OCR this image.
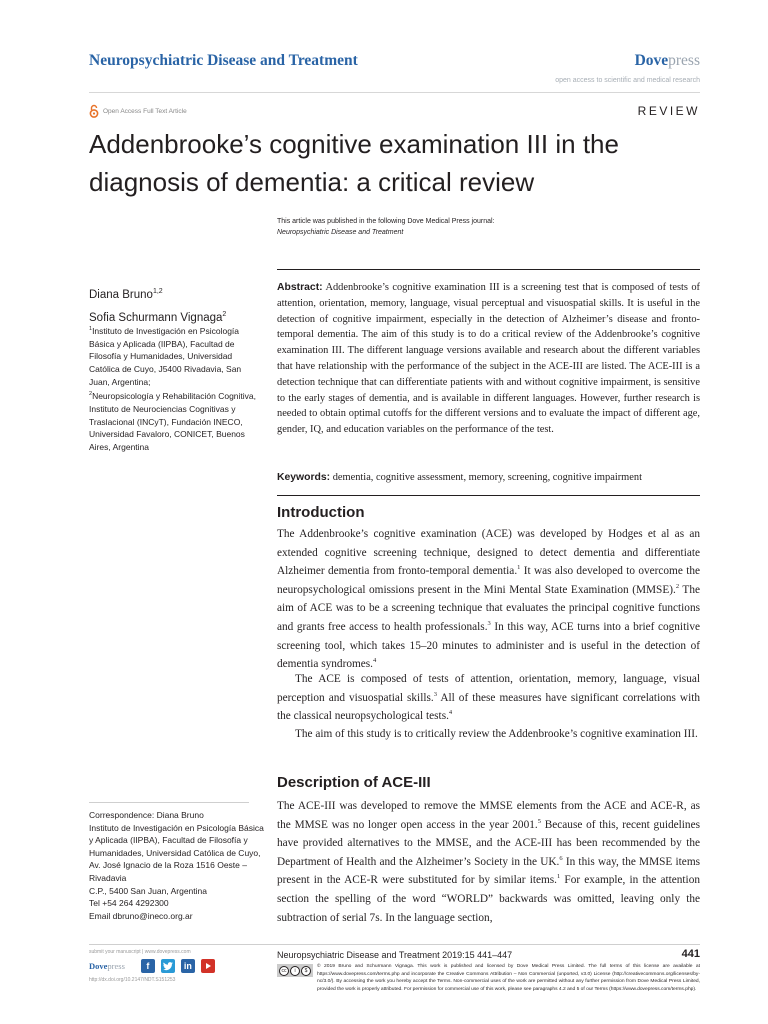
Neuropsychiatric Disease and Treatment	Dovepress
open access to scientific and medical research
Open Access Full Text Article	REVIEW
Addenbrooke’s cognitive examination III in the diagnosis of dementia: a critical review
This article was published in the following Dove Medical Press journal:
Neuropsychiatric Disease and Treatment
Diana Bruno$^{1,2}$
Sofia Schurmann Vignaga$^2$

$^1$Instituto de Investigación en Psicología Básica y Aplicada (IIPBA), Facultad de Filosofía y Humanidades, Universidad Católica de Cuyo, J5400 Rivadavia, San Juan, Argentina;

$^2$Neuropsicología y Rehabilitación Cognitiva, Instituto de Neurociencias Cognitivas y Traslacional (INCyT), Fundación INECO, Universidad Favaloro, CONICET, Buenos Aires, Argentina

Correspondence: Diana Bruno
Instituto de Investigación en Psicología Básica y Aplicada (IIPBA), Facultad de Filosofía y Humanidades, Universidad Católica de Cuyo, Av. José Ignacio de la Roza 1516 Oeste – Rivadavia
C.P., 5400 San Juan, Argentina
Tel +54 264 4292300
Email dbruno@ineco.org.ar
Abstract: Addenbrooke’s cognitive examination III is a screening test that is composed of tests of attention, orientation, memory, language, visual perceptual and visuospatial skills. It is useful in the detection of cognitive impairment, especially in the detection of Alzheimer’s disease and fronto-temporal dementia. The aim of this study is to do a critical review of the Addenbrooke’s cognitive examination III. The different language versions available and research about the different variables that have relationship with the performance of the subject in the ACE-III are listed. The ACE-III is a detection technique that can differentiate patients with and without cognitive impairment, is sensitive to the early stages of dementia, and is available in different languages. However, further research is needed to obtain optimal cutoffs for the different versions and to evaluate the impact of different age, gender, IQ, and education variables on the performance of the test.
Keywords: dementia, cognitive assessment, memory, screening, cognitive impairment
Introduction
The Addenbrooke’s cognitive examination (ACE) was developed by Hodges et al as an extended cognitive screening technique, designed to detect dementia and differentiate Alzheimer dementia from fronto-temporal dementia.$^1$ It was also developed to overcome the neuropsychological omissions present in the Mini Mental State Examination (MMSE).$^2$ The aim of ACE was to be a screening technique that evaluates the principal cognitive functions and grants free access to health professionals.$^3$ In this way, ACE turns into a brief cognitive screening tool, which takes 15–20 minutes to administer and is useful in the detection of dementia syndromes.$^4$
The ACE is composed of tests of attention, orientation, memory, language, visual perception and visuospatial skills.$^3$ All of these measures have significant correlations with the classical neuropsychological tests.$^4$
The aim of this study is to critically review the Addenbrooke’s cognitive examination III.
Description of ACE-III
The ACE-III was developed to remove the MMSE elements from the ACE and ACE-R, as the MMSE was no longer open access in the year 2001.$^5$ Because of this, recent guidelines have provided alternatives to the MMSE, and the ACE-III has been recommended by the Department of Health and the Alzheimer’s Society in the UK.$^6$ In this way, the MMSE items present in the ACE-R were substituted for by similar items.$^1$ For example, in the attention section the spelling of the word “WORLD” backwards was omitted, leaving only the subtraction of serial 7s. In the language section,
submit your manuscript | www.dovepress.com
Dovepress	f	in
http://dx.doi.org/10.2147/NDT.S151253
Neuropsychiatric Disease and Treatment 2019:15 441–447	441
cc	i	$
© 2019 Bruno and Schurmann Vignaga. This work is published and licensed by Dove Medical Press Limited. The full terms of this license are available at https://www.dovepress.com/terms.php and incorporate the Creative Commons Attribution – Non Commercial (unported, v3.0) License (http://creativecommons.org/licenses/by-nc/3.0/). By accessing the work you hereby accept the Terms. Non-commercial uses of the work are permitted without any further permission from Dove Medical Press Limited, provided the work is properly attributed. For permission for commercial use of this work, please see paragraphs 4.2 and 5 of our Terms (https://www.dovepress.com/terms.php).
